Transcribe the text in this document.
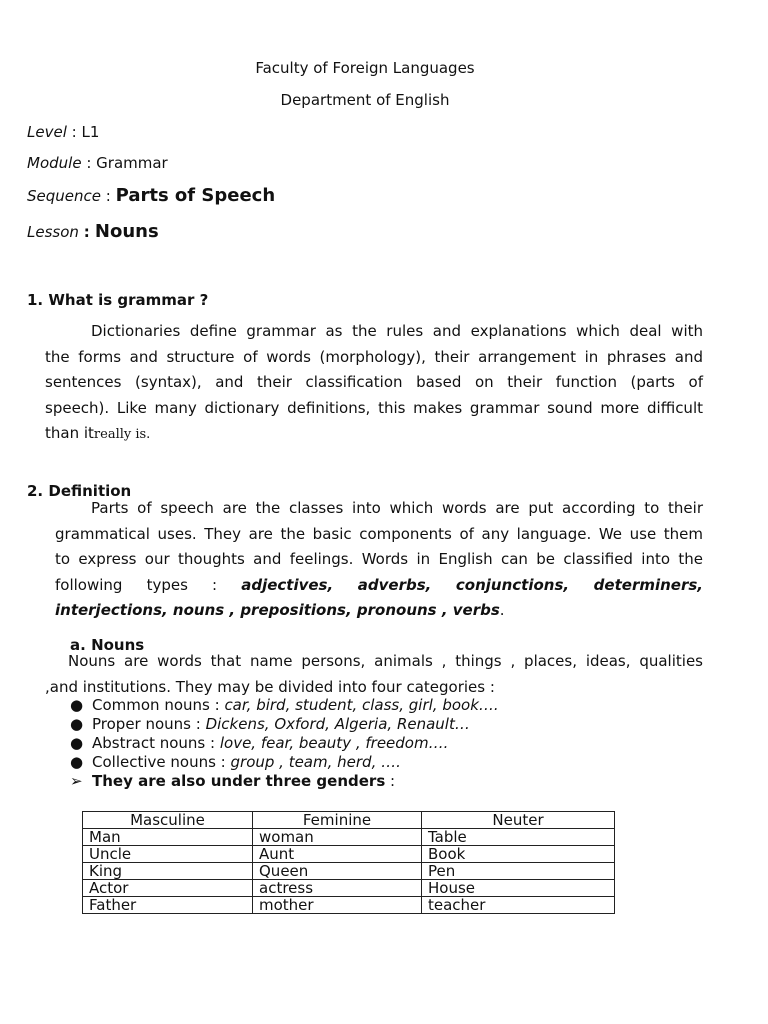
Faculty of Foreign Languages
Department of English
Level : L1
Module : Grammar
Sequence : Parts of Speech
Lesson : Nouns
1. What is grammar ?
Dictionaries define grammar as the rules and explanations which deal with
the forms and structure of words (morphology), their arrangement in phrases and
sentences (syntax), and their classification based on their function (parts of
speech). Like many dictionary definitions, this makes grammar sound more difficult
than itreally is.
2. Definition
Parts of speech are the classes into which words are put according to their
grammatical uses. They are the basic components of any language. We use them
to express our thoughts and feelings. Words in English can be classified into the
following types : adjectives, adverbs, conjunctions, determiners,
interjections, nouns , prepositions, pronouns , verbs.
a. Nouns
Nouns are words that name persons, animals , things , places, ideas, qualities
,and institutions. They may be divided into four categories :
● Common nouns : car, bird, student, class, girl, book….
● Proper nouns : Dickens, Oxford, Algeria, Renault…
● Abstract nouns : love, fear, beauty , freedom….
● Collective nouns : group , team, herd, ….
➢ They are also under three genders :
Masculine	Feminine	Neuter
Man	woman	Table
Uncle	Aunt	Book
King	Queen	Pen
Actor	actress	House
Father	mother	teacher
